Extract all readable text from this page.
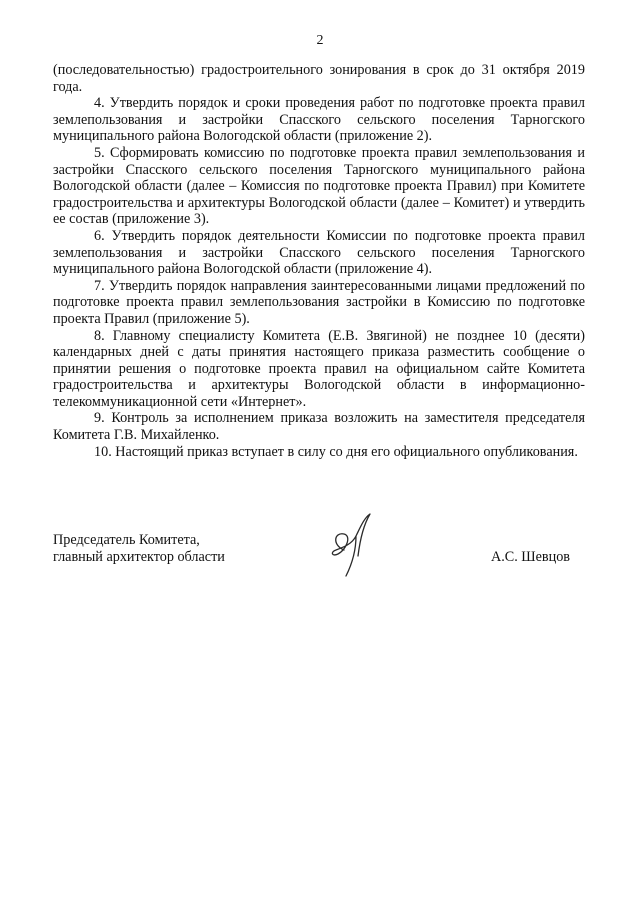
2

(последовательностью) градостроительного зонирования в срок до 31 октября 2019 года.

4. Утвердить порядок и сроки проведения работ по подготовке проекта правил землепользования и застройки Спасского сельского поселения Тарногского муниципального района Вологодской области (приложение 2).

5. Сформировать комиссию по подготовке проекта правил землепользования и застройки Спасского сельского поселения Тарногского муниципального района Вологодской области (далее – Комиссия по подготовке проекта Правил) при Комитете градостроительства и архитектуры Вологодской области (далее – Комитет) и утвердить ее состав (приложение 3).

6. Утвердить порядок деятельности Комиссии по подготовке проекта правил землепользования и застройки Спасского сельского поселения Тарногского муниципального района Вологодской области (приложение 4).

7. Утвердить порядок направления заинтересованными лицами предложений по подготовке проекта правил землепользования застройки в Комиссию по подготовке проекта Правил (приложение 5).

8. Главному специалисту Комитета (Е.В. Звягиной) не позднее 10 (десяти) календарных дней с даты принятия настоящего приказа разместить сообщение о принятии решения о подготовке проекта правил на официальном сайте Комитета градостроительства и архитектуры Вологодской области в информационно-телекоммуникационной сети «Интернет».

9. Контроль за исполнением приказа возложить на заместителя председателя Комитета Г.В. Михайленко.

10. Настоящий приказ вступает в силу со дня его официального опубликования.

Председатель Комитета,
главный архитектор области	А.С. Шевцов
